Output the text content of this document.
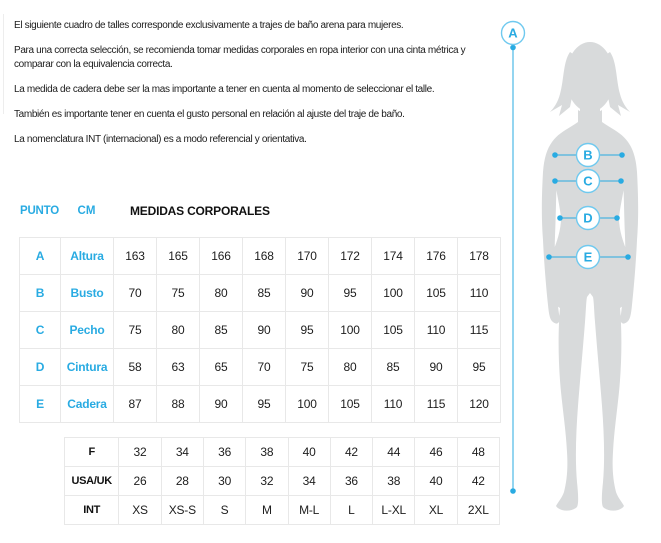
El siguiente cuadro de talles corresponde exclusivamente a trajes de baño arena para mujeres.

Para una correcta selección, se recomienda tomar medidas corporales en ropa interior con una cinta métrica y comparar con la equivalencia correcta.

La medida de cadera debe ser la mas importante a tener en cuenta al momento de seleccionar el talle.

También es importante tener en cuenta el gusto personal en relación al ajuste del traje de baño.

La nomenclatura INT (internacional) es a modo referencial y orientativa.

PUNTO	CM	MEDIDAS CORPORALES
A	Altura	163	165	166	168	170	172	174	176	178
B	Busto	70	75	80	85	90	95	100	105	110
C	Pecho	75	80	85	90	95	100	105	110	115
D	Cintura	58	63	65	70	75	80	85	90	95
E	Cadera	87	88	90	95	100	105	110	115	120
F	32	34	36	38	40	42	44	46	48
USA/UK	26	28	30	32	34	36	38	40	42
INT	XS	XS-S	S	M	M-L	L	L-XL	XL	2XL
A
B
C
D
E
